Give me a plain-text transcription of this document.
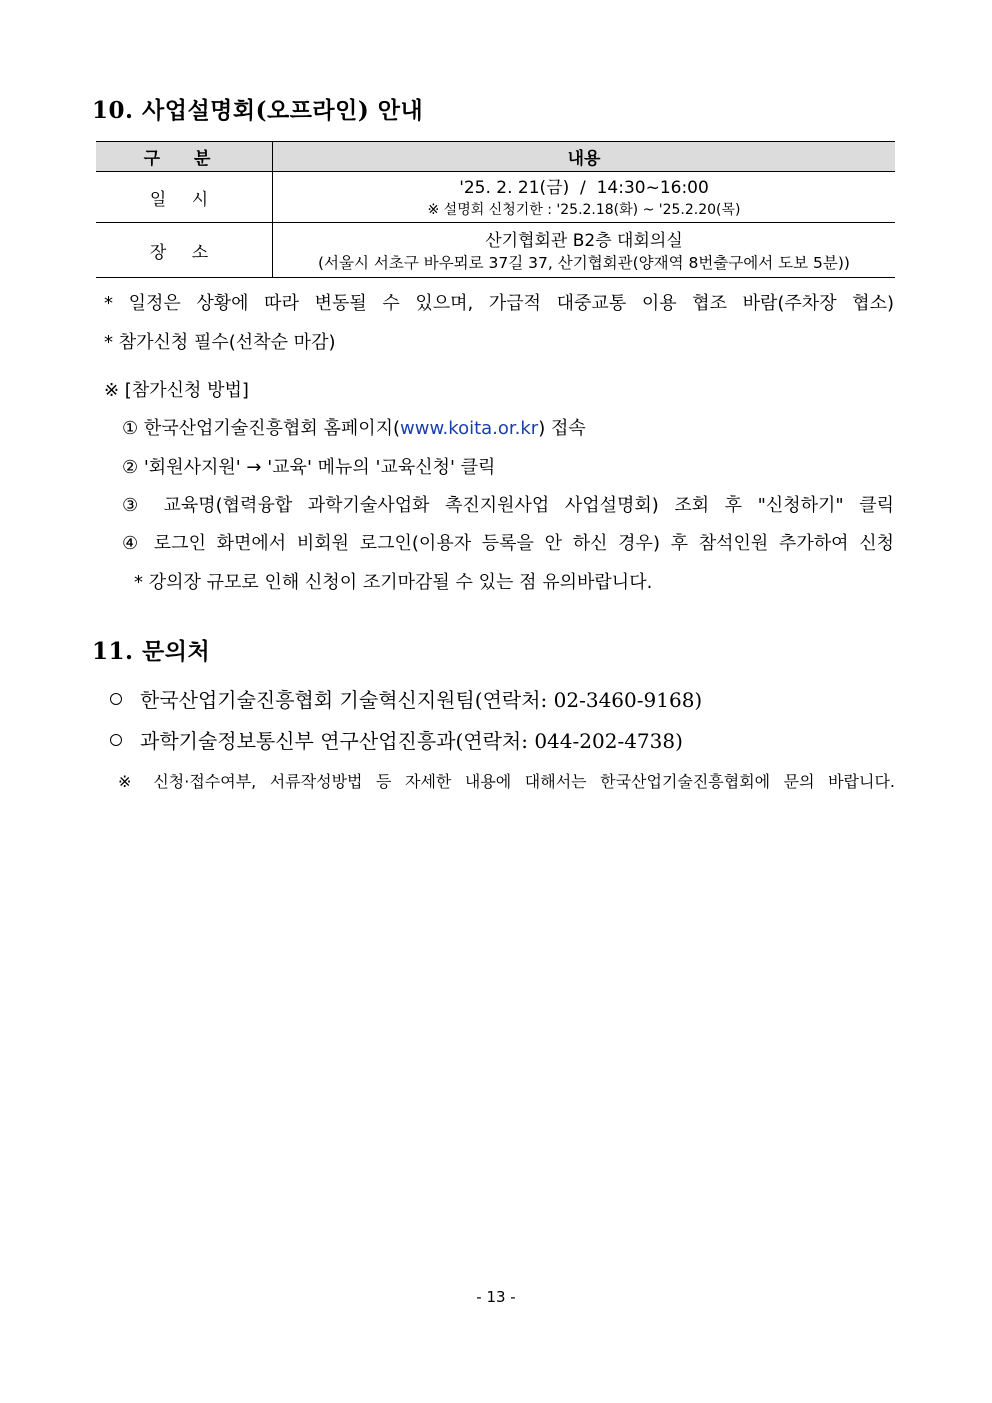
10. 사업설명회(오프라인) 안내
구 분	내용
일 시	'25. 2. 21(금)  /  14:30~16:00
※ 설명회 신청기한 : '25.2.18(화) ~ '25.2.20(목)

장 소	산기협회관 B2층 대회의실
(서울시 서초구 바우뫼로 37길 37, 산기협회관(양재역 8번출구에서 도보 5분))
* 일정은 상황에 따라 변동될 수 있으며, 가급적 대중교통 이용 협조 바람(주차장 협소)
* 참가신청 필수(선착순 마감)
※ [참가신청 방법]
① 한국산업기술진흥협회 홈페이지(www.koita.or.kr) 접속
② '회원사지원' → '교육' 메뉴의 '교육신청' 클릭
③ 교육명(협력융합 과학기술사업화 촉진지원사업 사업설명회) 조회 후 "신청하기" 클릭
④ 로그인 화면에서 비회원 로그인(이용자 등록을 안 하신 경우) 후 참석인원 추가하여 신청
* 강의장 규모로 인해 신청이 조기마감될 수 있는 점 유의바랍니다.
11. 문의처
한국산업기술진흥협회 기술혁신지원팀(연락처: 02-3460-9168)
과학기술정보통신부 연구산업진흥과(연락처: 044-202-4738)
※ 신청·접수여부, 서류작성방법 등 자세한 내용에 대해서는 한국산업기술진흥협회에 문의 바랍니다.
- 13 -
